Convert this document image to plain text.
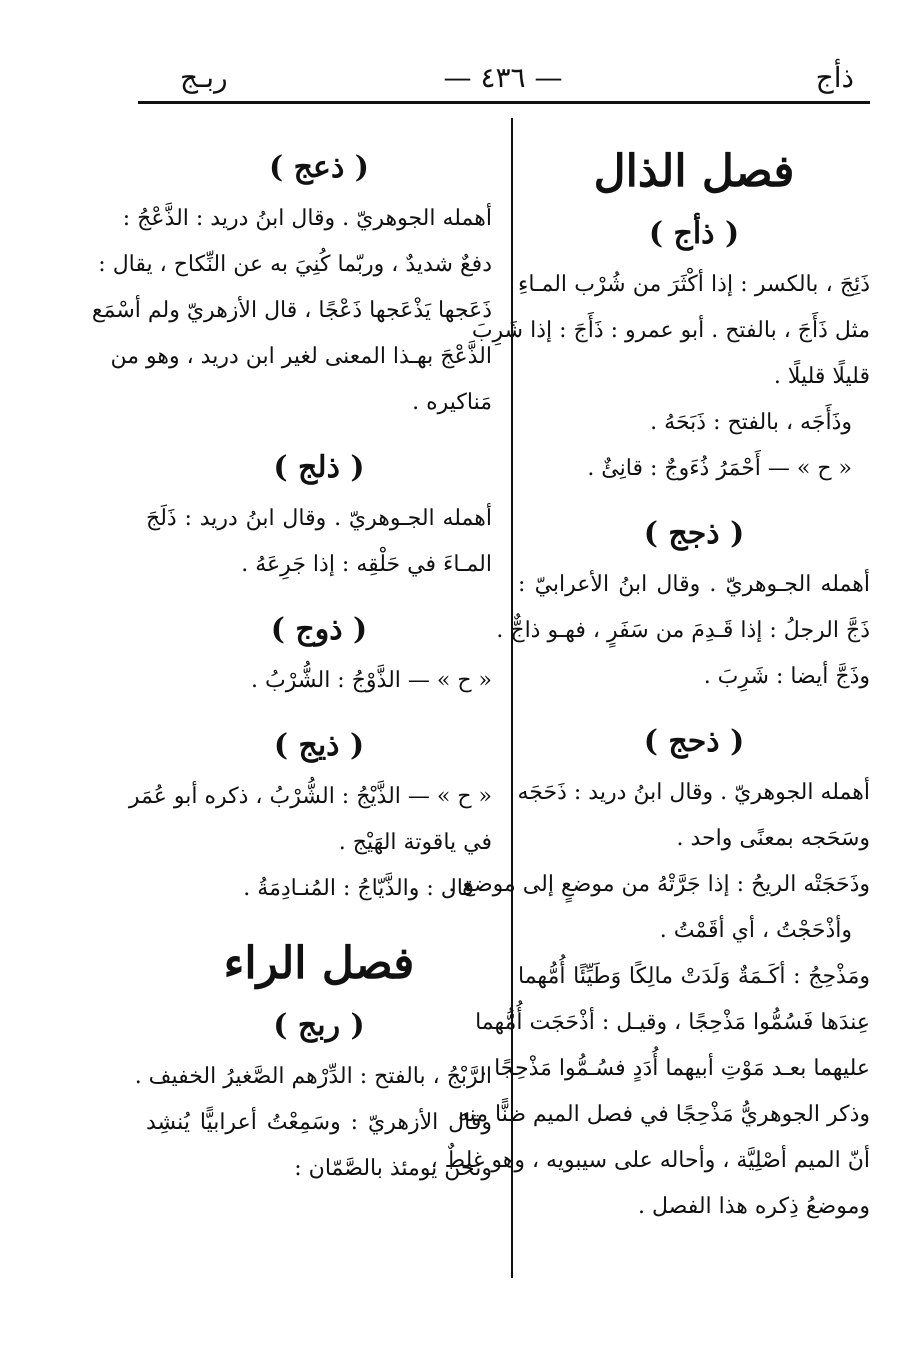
ذأج
— ٤٣٦ —
ربـج
فصل الذال
( ذأج )
ذَئِجَ ، بالكسر : إذا أكْثَرَ من شُرْب المـاءِ
مثل ذَأَجَ ، بالفتح . أبو عمرو : ذَأَجَ : إذا شَرِبَ
قليلًا قليلًا .
وذَأَجَه ، بالفتح : ذَبَحَهُ .
« ح » — أَحْمَرُ ذُءَوجٌ : قانِئٌ .
( ذجج )
أهمله الجـوهريّ . وقال ابنُ الأعرابيّ :
ذَجَّ الرجلُ : إذا قَـدِمَ من سَفَرٍ ، فهـو ذاجٌّ .
وذَجَّ أيضا : شَرِبَ .
( ذحج )
أهمله الجوهريّ . وقال ابنُ دريد : ذَحَجَه
وسَحَجه بمعنًى واحد .
وذَحَجَتْه الريحُ : إذا جَرَّتْهُ من موضعٍ إلى موضع .
وأذْحَجْتُ ، أي أقَمْتُ .
ومَذْحِجُ : أكَـمَةٌ وَلَدَتْ مالِكًا وَطَيِّئًا أُمُّهما
عِندَها فَسُمُّوا مَذْحِجًا ، وقيـل : أذْحَجَت أُمُّهما
عليهما بعـد مَوْتِ أبيهما أُدَدٍ فسُـمُّوا مَذْحِجًا .
وذكر الجوهريُّ مَذْحِجًا في فصل الميم ظنًّا منه
أنّ الميم أصْلِيَّة ، وأحاله على سيبويه ، وهو غلطٌ ،
وموضعُ ذِكره هذا الفصل .
( ذعج )
أهمله الجوهريّ . وقال ابنُ دريد : الذَّعْجُ :
دفعٌ شديدٌ ، وربّما كُنِيَ به عن النِّكاح ، يقال :
ذَعَجها يَذْعَجها ذَعْجًا ، قال الأزهريّ ولم أسْمَع
الذَّعْجَ بهـذا المعنى لغير ابن دريد ، وهو من
مَناكيره .
( ذلج )
أهمله الجـوهريّ . وقال ابنُ دريد : ذَلَجَ
المـاءَ في حَلْقِه : إذا جَرِعَهُ .
( ذوج )
« ح » — الذَّوْجُ : الشُّرْبُ .
( ذيج )
« ح » — الذَّيْجُ : الشُّرْبُ ، ذكره أبو عُمَر
في ياقوتة الهَيْج .
قال : والذَّيّاجُ : المُنـادِمَةُ .
فصل الراء
( ربج )
الرَّبْجُ ، بالفتح : الدِّرْهم الصَّغيرُ الخفيف .
وقال الأزهريّ : وسَمِعْتُ أعرابيًّا يُنشِد
ونحن يومئذ بالصَّمّان :
